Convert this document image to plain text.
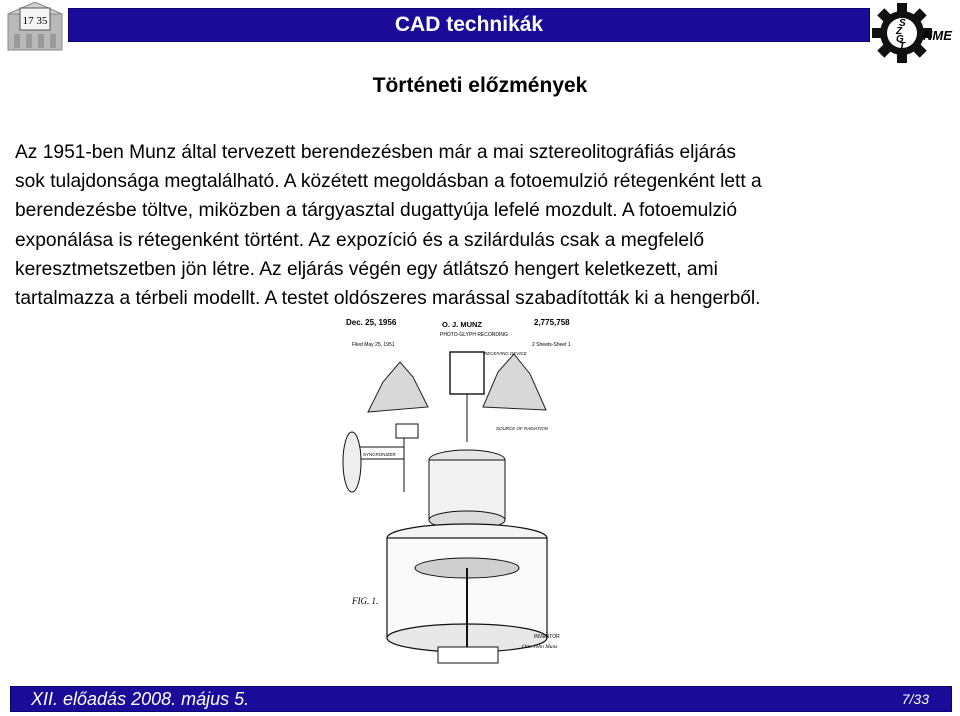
17 35	CAD technikák	S
Z
G
T
NME
Történeti előzmények
Az 1951-ben Munz által tervezett berendezésben már a mai sztereolitográfiás eljárás
sok tulajdonsága megtalálható. A közétett megoldásban a fotoemulzió rétegenként lett a
berendezésbe töltve, miközben a tárgyasztal dugattyúja lefelé mozdult. A fotoemulzió
exponálása is rétegenként történt. Az expozíció és a szilárdulás csak a megfelelő
keresztmetszetben jön létre. Az eljárás végén egy átlátszó hengert keletkezett, ami
tartalmazza a térbeli modellt. A testet oldószeres marással szabadították ki a hengerből.
Dec. 25, 1956	O. J. MUNZ	2,775,758
PHOTO-GLYPH RECORDING
Filed May 25, 1951	2 Sheets-Sheet 1
RECEIVING DEVICE
SOURCE OF RADIATION
SYNCRONIZER
FIG. 1.
INVENTOR
Otto John Munz
XII. előadás 2008. május 5.	7/33
